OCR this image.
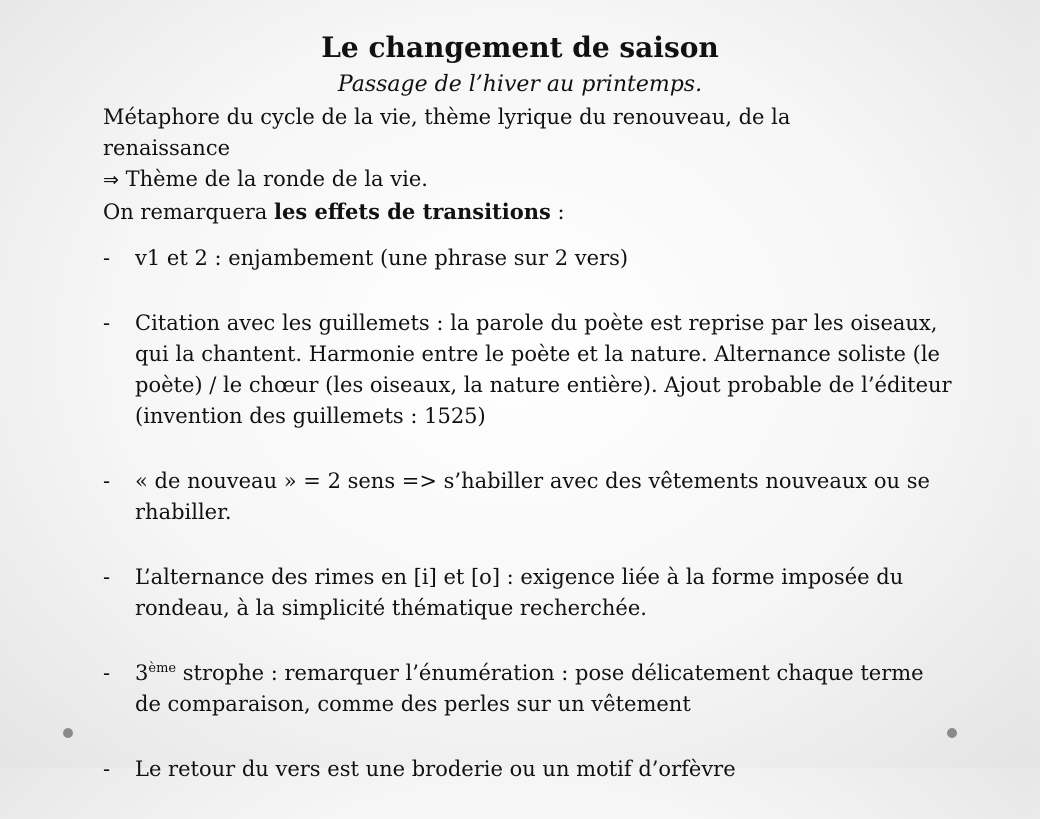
Le changement de saison
Passage de l’hiver au printemps.

Métaphore du cycle de la vie, thème lyrique du renouveau, de la renaissance

⇒ Thème de la ronde de la vie.

On remarquera les effets de transitions :

- v1 et 2 : enjambement (une phrase sur 2 vers)
- Citation avec les guillemets : la parole du poète est reprise par les oiseaux, qui la chantent. Harmonie entre le poète et la nature. Alternance soliste (le poète) / le chœur (les oiseaux, la nature entière). Ajout probable de l’éditeur (invention des guillemets : 1525)
- « de nouveau » = 2 sens => s’habiller avec des vêtements nouveaux ou se rhabiller.
- L’alternance des rimes en [i] et [o] : exigence liée à la forme imposée du rondeau, à la simplicité thématique recherchée.
- 3ème strophe : remarquer l’énumération : pose délicatement chaque terme de comparaison, comme des perles sur un vêtement
- Le retour du vers est une broderie ou un motif d’orfèvre
